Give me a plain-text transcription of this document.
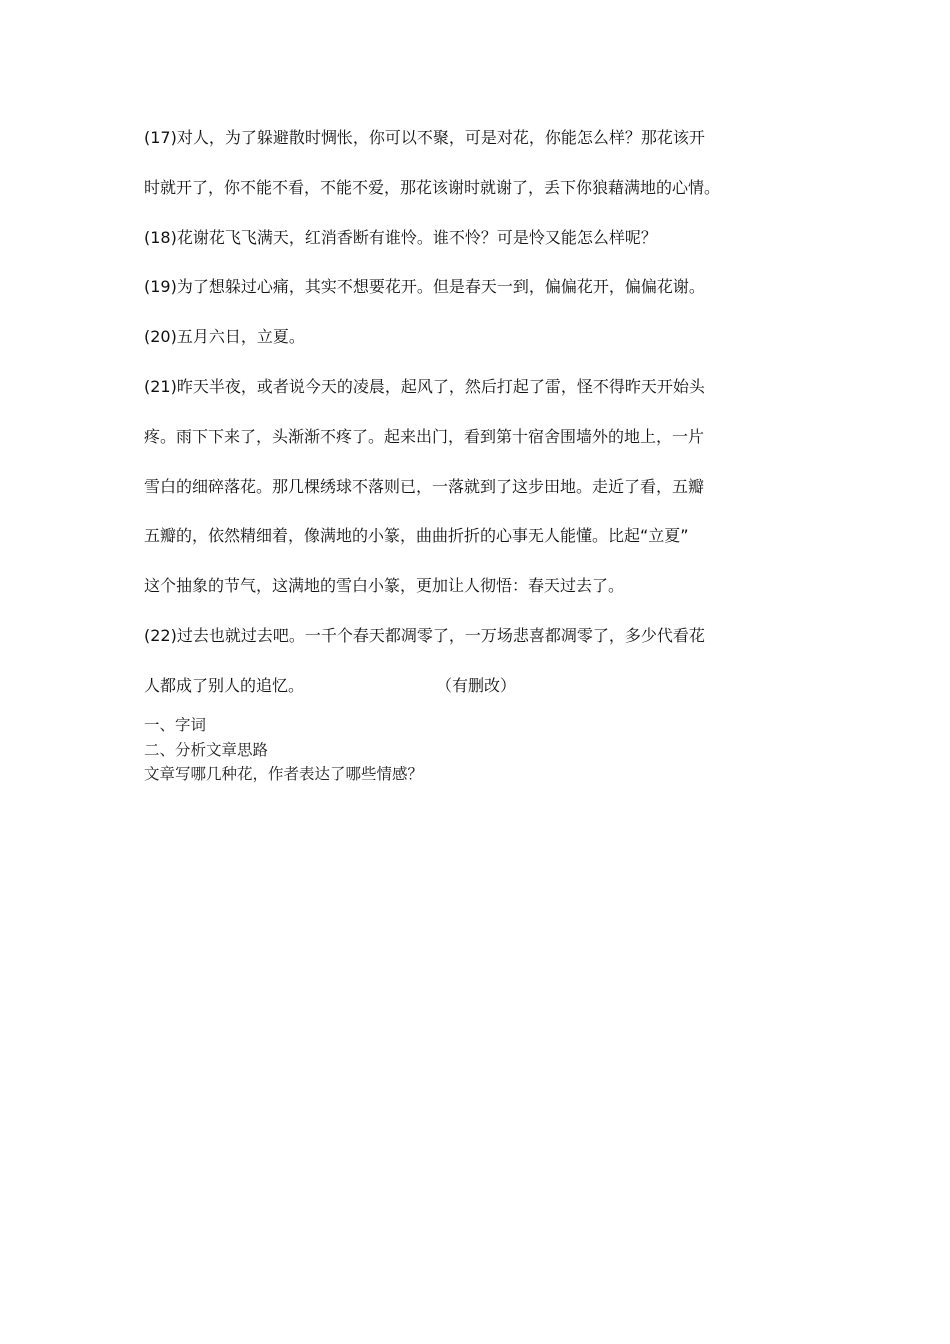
(17)对人，为了躲避散时惆怅，你可以不聚，可是对花，你能怎么样？那花该开
时就开了，你不能不看，不能不爱，那花该谢时就谢了，丢下你狼藉满地的心情。
(18)花谢花飞飞满天，红消香断有谁怜。谁不怜？可是怜又能怎么样呢？
(19)为了想躲过心痛，其实不想要花开。但是春天一到，偏偏花开，偏偏花谢。
(20)五月六日，立夏。
(21)昨天半夜，或者说今天的凌晨，起风了，然后打起了雷，怪不得昨天开始头
疼。雨下下来了，头渐渐不疼了。起来出门，看到第十宿舍围墙外的地上，一片
雪白的细碎落花。那几棵绣球不落则已，一落就到了这步田地。走近了看，五瓣
五瓣的，依然精细着，像满地的小篆，曲曲折折的心事无人能懂。比起“立夏”
这个抽象的节气，这满地的雪白小篆，更加让人彻悟：春天过去了。
(22)过去也就过去吧。一千个春天都凋零了，一万场悲喜都凋零了，多少代看花
人都成了别人的追忆。	（有删改）
一、字词
二、分析文章思路
文章写哪几种花，作者表达了哪些情感？
